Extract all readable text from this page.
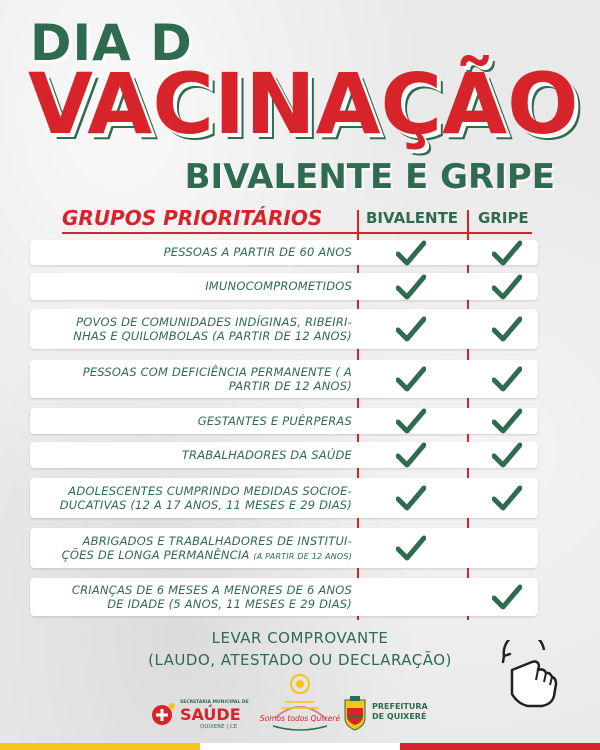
DIA D
VACINAÇÃO
BIVALENTE E GRIPE
GRUPOS PRIORITÁRIOS	BIVALENTE GRIPE
PESSOAS A PARTIR DE 60 ANOS
IMUNOCOMPROMETIDOS
POVOS DE COMUNIDADES INDÍGINAS, RIBEIRI-
NHAS E QUILOMBOLAS (A PARTIR DE 12 ANOS)
PESSOAS COM DEFICIÊNCIA PERMANENTE ( A
PARTIR DE 12 ANOS)
GESTANTES E PUÉRPERAS
TRABALHADORES DA SAÚDE
ADOLESCENTES CUMPRINDO MEDIDAS SOCIOE-
DUCATIVAS (12 A 17 ANOS, 11 MESES E 29 DIAS)
ABRIGADOS E TRABALHADORES DE INSTITUI-
ÇÕES DE LONGA PERMANÊNCIA (A PARTIR DE 12 ANOS)
CRIANÇAS DE 6 MESES A MENORES DE 6 ANOS
DE IDADE (5 ANOS, 11 MESES E 29 DIAS)
LEVAR COMPROVANTE
(LAUDO, ATESTADO OU DECLARAÇÃO)
SECRETARIA MUNICIPAL DE
SAÚDE
QUIXERÉ | CE
Somos todos Quixeré
PREFEITURA
DE QUIXERÉ
